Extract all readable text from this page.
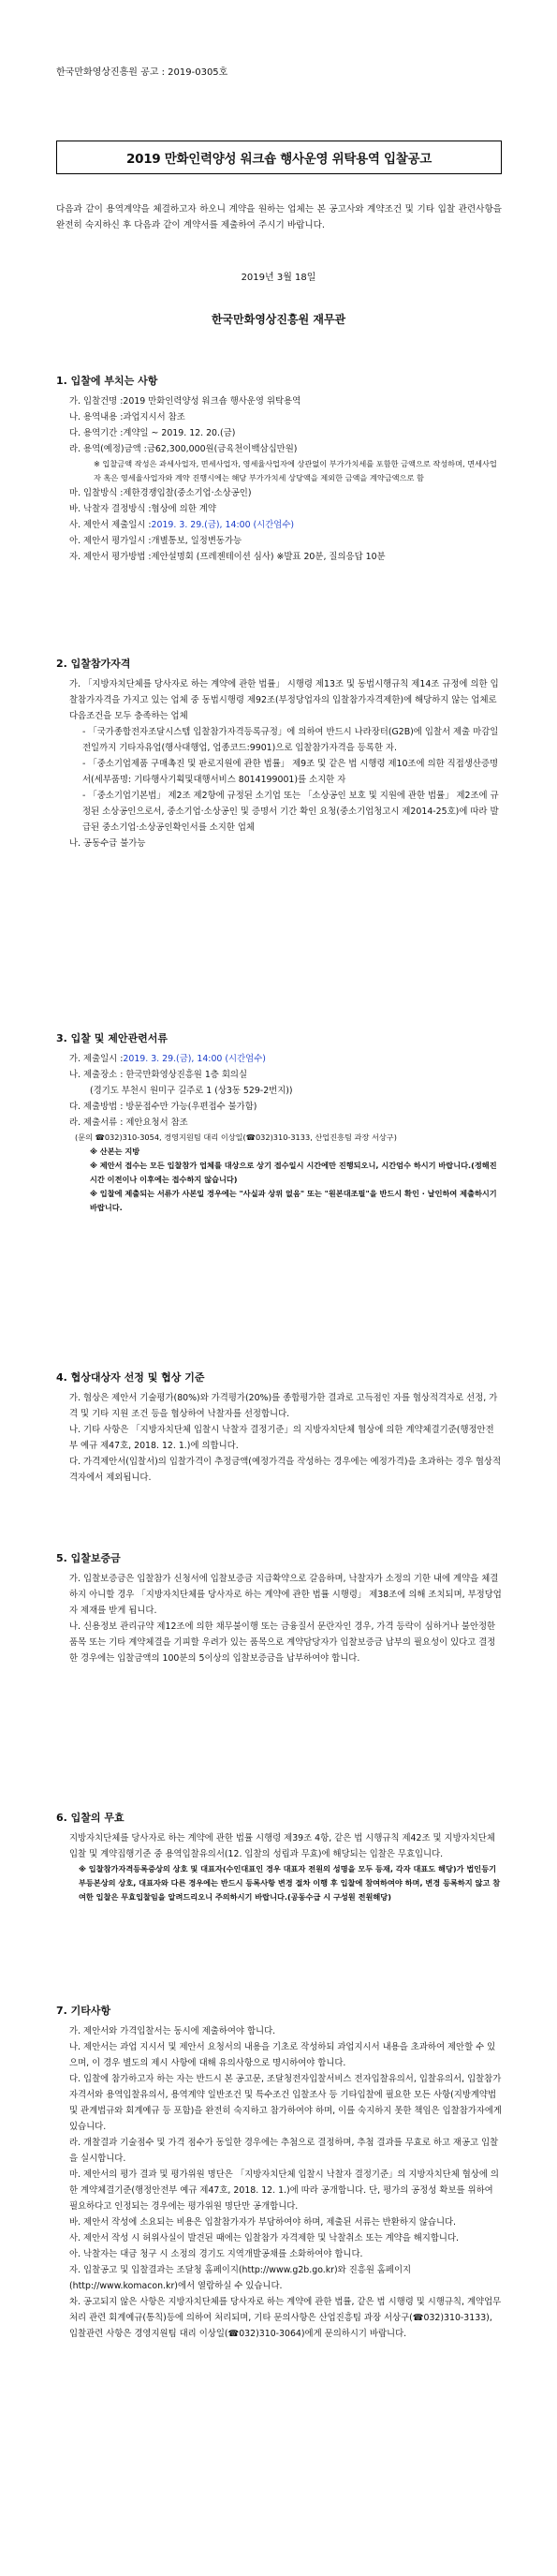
한국만화영상진흥원 공고 : 2019-0305호
2019 만화인력양성 워크숍 행사운영 위탁용역 입찰공고
다음과 같이 용역계약을 체결하고자 하오니 계약을 원하는 업체는 본 공고사와 계약조건 및 기타 입찰 관련사항을 완전히 숙지하신 후 다음과 같이 계약서를 제출하여 주시기 바랍니다.
2019년 3월 18일
한국만화영상진흥원 재무관
1. 입찰에 부치는 사항
가. 입찰건명 : 2019 만화인력양성 워크숍 행사운영 위탁용역
나. 용역내용 : 과업지시서 참조
다. 용역기간 : 계약일 ~ 2019. 12. 20.(금)
라. 용역(예정)금액 : 금62,300,000원(금육천이백삼십만원)
※ 입찰금액 작성은 과세사업자, 면세사업자, 영세율사업자에 상관없이 부가가치세를 포함한 금액으로 작성하며, 면세사업자 혹은 영세율사업자와 계약 진행시에는 해당 부가가치세 상당액을 제외한 금액을 계약금액으로 함
마. 입찰방식 : 제한경쟁입찰(중소기업·소상공인)
바. 낙찰자 결정방식 : 협상에 의한 계약
사. 제안서 제출일시 : 2019. 3. 29.(금), 14:00 (시간엄수)
아. 제안서 평가일시 : 개별통보, 일정변동가능
자. 제안서 평가방법 : 제안설명회 (프레젠테이션 심사) ※발표 20분, 질의응답 10분
2. 입찰참가자격
가. 「지방자치단체를 당사자로 하는 계약에 관한 법률」 시행령 제13조 및 동법시행규칙 제14조 규정에 의한 입찰참가자격을 가지고 있는 업체 중 동법시행령 제92조(부정당업자의 입찰참가자격제한)에 해당하지 않는 업체로 다음조건을 모두 충족하는 업체
- 「국가종합전자조달시스템 입찰참가자격등록규정」에 의하여 반드시 나라장터(G2B)에 입찰서 제출 마감일 전일까지 기타자유업(행사대행업, 업종코드:9901)으로 입찰참가자격을 등록한 자.
- 「중소기업제품 구매촉진 및 판로지원에 관한 법률」 제9조 및 같은 법 시행령 제10조에 의한 직접생산증명서(세부품명: 기타행사기획및대행서비스 8014199001)를 소지한 자
- 「중소기업기본법」 제2조 제2항에 규정된 소기업 또는 「소상공인 보호 및 지원에 관한 법률」 제2조에 규정된 소상공인으로서, 중소기업·소상공인 및 증명서 기간 확인 요청(중소기업청고시 제2014-25호)에 따라 발급된 중소기업·소상공인확인서를 소지한 업체
나. 공동수급 불가능
3. 입찰 및 제안관련서류
가. 제출일시 : 2019. 3. 29.(금), 14:00 (시간엄수)
나. 제출장소 : 한국만화영상진흥원 1층 회의실
(경기도 부천시 원미구 길주로 1 (상3동 529-2번지))
다. 제출방법 : 방문접수만 가능(우편접수 불가함)
라. 제출서류 : 제안요청서 참조
(문의 ☎032)310-3054, 경영지원팀 대리 이상일(☎032)310-3133, 산업진흥팀 과장 서상구)
※ 산본는 지방
※ 제안서 접수는 모든 입찰참가 업체를 대상으로 상기 접수일시 시간에만 진행되오니, 시간엄수 하시기 바랍니다.(정해진 시간 이전이나 이후에는 접수하지 않습니다)
※ 입찰에 제출되는 서류가 사본일 경우에는 "사실과 상위 없음" 또는 "원본대조필"을 반드시 확인 · 날인하여 제출하시기 바랍니다.
4. 협상대상자 선정 및 협상 기준
가. 협상은 제안서 기술평가(80%)와 가격평가(20%)를 종합평가한 결과로 고득점인 자를 협상적격자로 선정, 가격 및 기타 지원 조건 등을 협상하여 낙찰자를 선정합니다.
나. 기타 사항은 「지방자치단체 입찰시 낙찰자 결정기준」의 지방자치단체 협상에 의한 계약체결기준(행정안전부 예규 제47호, 2018. 12. 1.)에 의합니다.
다. 가격제안서(입찰서)의 입찰가격이 추정금액(예정가격을 작성하는 경우에는 예정가격)을 초과하는 경우 협상적격자에서 제외됩니다.
5. 입찰보증금
가. 입찰보증금은 입찰참가 신청서에 입찰보증금 지급확약으로 갈음하며, 낙찰자가 소정의 기한 내에 계약을 체결하지 아니할 경우 「지방자치단체를 당사자로 하는 계약에 관한 법률 시행령」 제38조에 의해 조치되며, 부정당업자 제재를 받게 됩니다.
나. 신용정보 관리규약 제12조에 의한 채무불이행 또는 금융질서 문란자인 경우, 가격 등락이 심하거나 불안정한 품목 또는 기타 계약체결을 기피할 우려가 있는 품목으로 계약담당자가 입찰보증금 납부의 필요성이 있다고 결정한 경우에는 입찰금액의 100분의 5이상의 입찰보증금을 납부하여야 합니다.
6. 입찰의 무효
지방자치단체를 당사자로 하는 계약에 관한 법률 시행령 제39조 4항, 같은 법 시행규칙 제42조 및 지방자치단체 입찰 및 계약집행기준 중 용역입찰유의서(12. 입찰의 성립과 무효)에 해당되는 입찰은 무효입니다.
※ 입찰참가자격등록증상의 상호 및 대표자(수인대표인 경우 대표자 전원의 성명을 모두 등재, 각자 대표도 해당)가 법인등기부등본상의 상호, 대표자와 다른 경우에는 반드시 등록사항 변경 절차 이행 후 입찰에 참여하여야 하며, 변경 등록하지 않고 참여한 입찰은 무효입찰임을 알려드리오니 주의하시기 바랍니다.(공동수급 시 구성원 전원해당)
7. 기타사항
가. 제안서와 가격입찰서는 동시에 제출하여야 합니다.
나. 제안서는 과업 지시서 및 제안서 요청서의 내용을 기초로 작성하되 과업지시서 내용을 초과하여 제안할 수 있으며, 이 경우 별도의 제시 사항에 대해 유의사항으로 명시하여야 합니다.
다. 입찰에 참가하고자 하는 자는 반드시 본 공고문, 조달청전자입찰서비스 전자입찰유의서, 입찰유의서, 입찰참가자격서와 용역입찰유의서, 용역계약 일반조건 및 특수조건 입찰조사 등 기타입찰에 필요한 모든 사항(지방계약법 및 관계법규와 회계예규 등 포함)을 완전히 숙지하고 참가하여야 하며, 이를 숙지하지 못한 책임은 입찰참가자에게 있습니다.
라. 개찰결과 기술점수 및 가격 점수가 동일한 경우에는 추첨으로 결정하며, 추첨 결과를 무효로 하고 재공고 입찰을 실시합니다.
마. 제안서의 평가 결과 및 평가위원 명단은 「지방자치단체 입찰시 낙찰자 결정기준」의 지방자치단체 협상에 의한 계약체결기준(행정안전부 예규 제47호, 2018. 12. 1.)에 따라 공개합니다. 단, 평가의 공정성 확보를 위하여 필요하다고 인정되는 경우에는 평가위원 명단만 공개합니다.
바. 제안서 작성에 소요되는 비용은 입찰참가자가 부담하여야 하며, 제출된 서류는 반환하지 않습니다.
사. 제안서 작성 시 허위사실이 발견된 때에는 입찰참가 자격제한 및 낙찰취소 또는 계약을 해지합니다.
아. 낙찰자는 대금 청구 시 소정의 경기도 지역개발공채를 소화하여야 합니다.
자. 입찰공고 및 입찰결과는 조달청 홈페이지(http://www.g2b.go.kr)와 진흥원 홈페이지(http://www.komacon.kr)에서 열람하실 수 있습니다.
차. 공고되지 않은 사항은 지방자치단체를 당사자로 하는 계약에 관한 법률, 같은 법 시행령 및 시행규칙, 계약업무 처리 관련 회계예규(통칙)등에 의하여 처리되며, 기타 문의사항은 산업진흥팀 과장 서상구(☎032)310-3133), 입찰관련 사항은 경영지원팀 대리 이상일(☎032)310-3064)에게 문의하시기 바랍니다.
